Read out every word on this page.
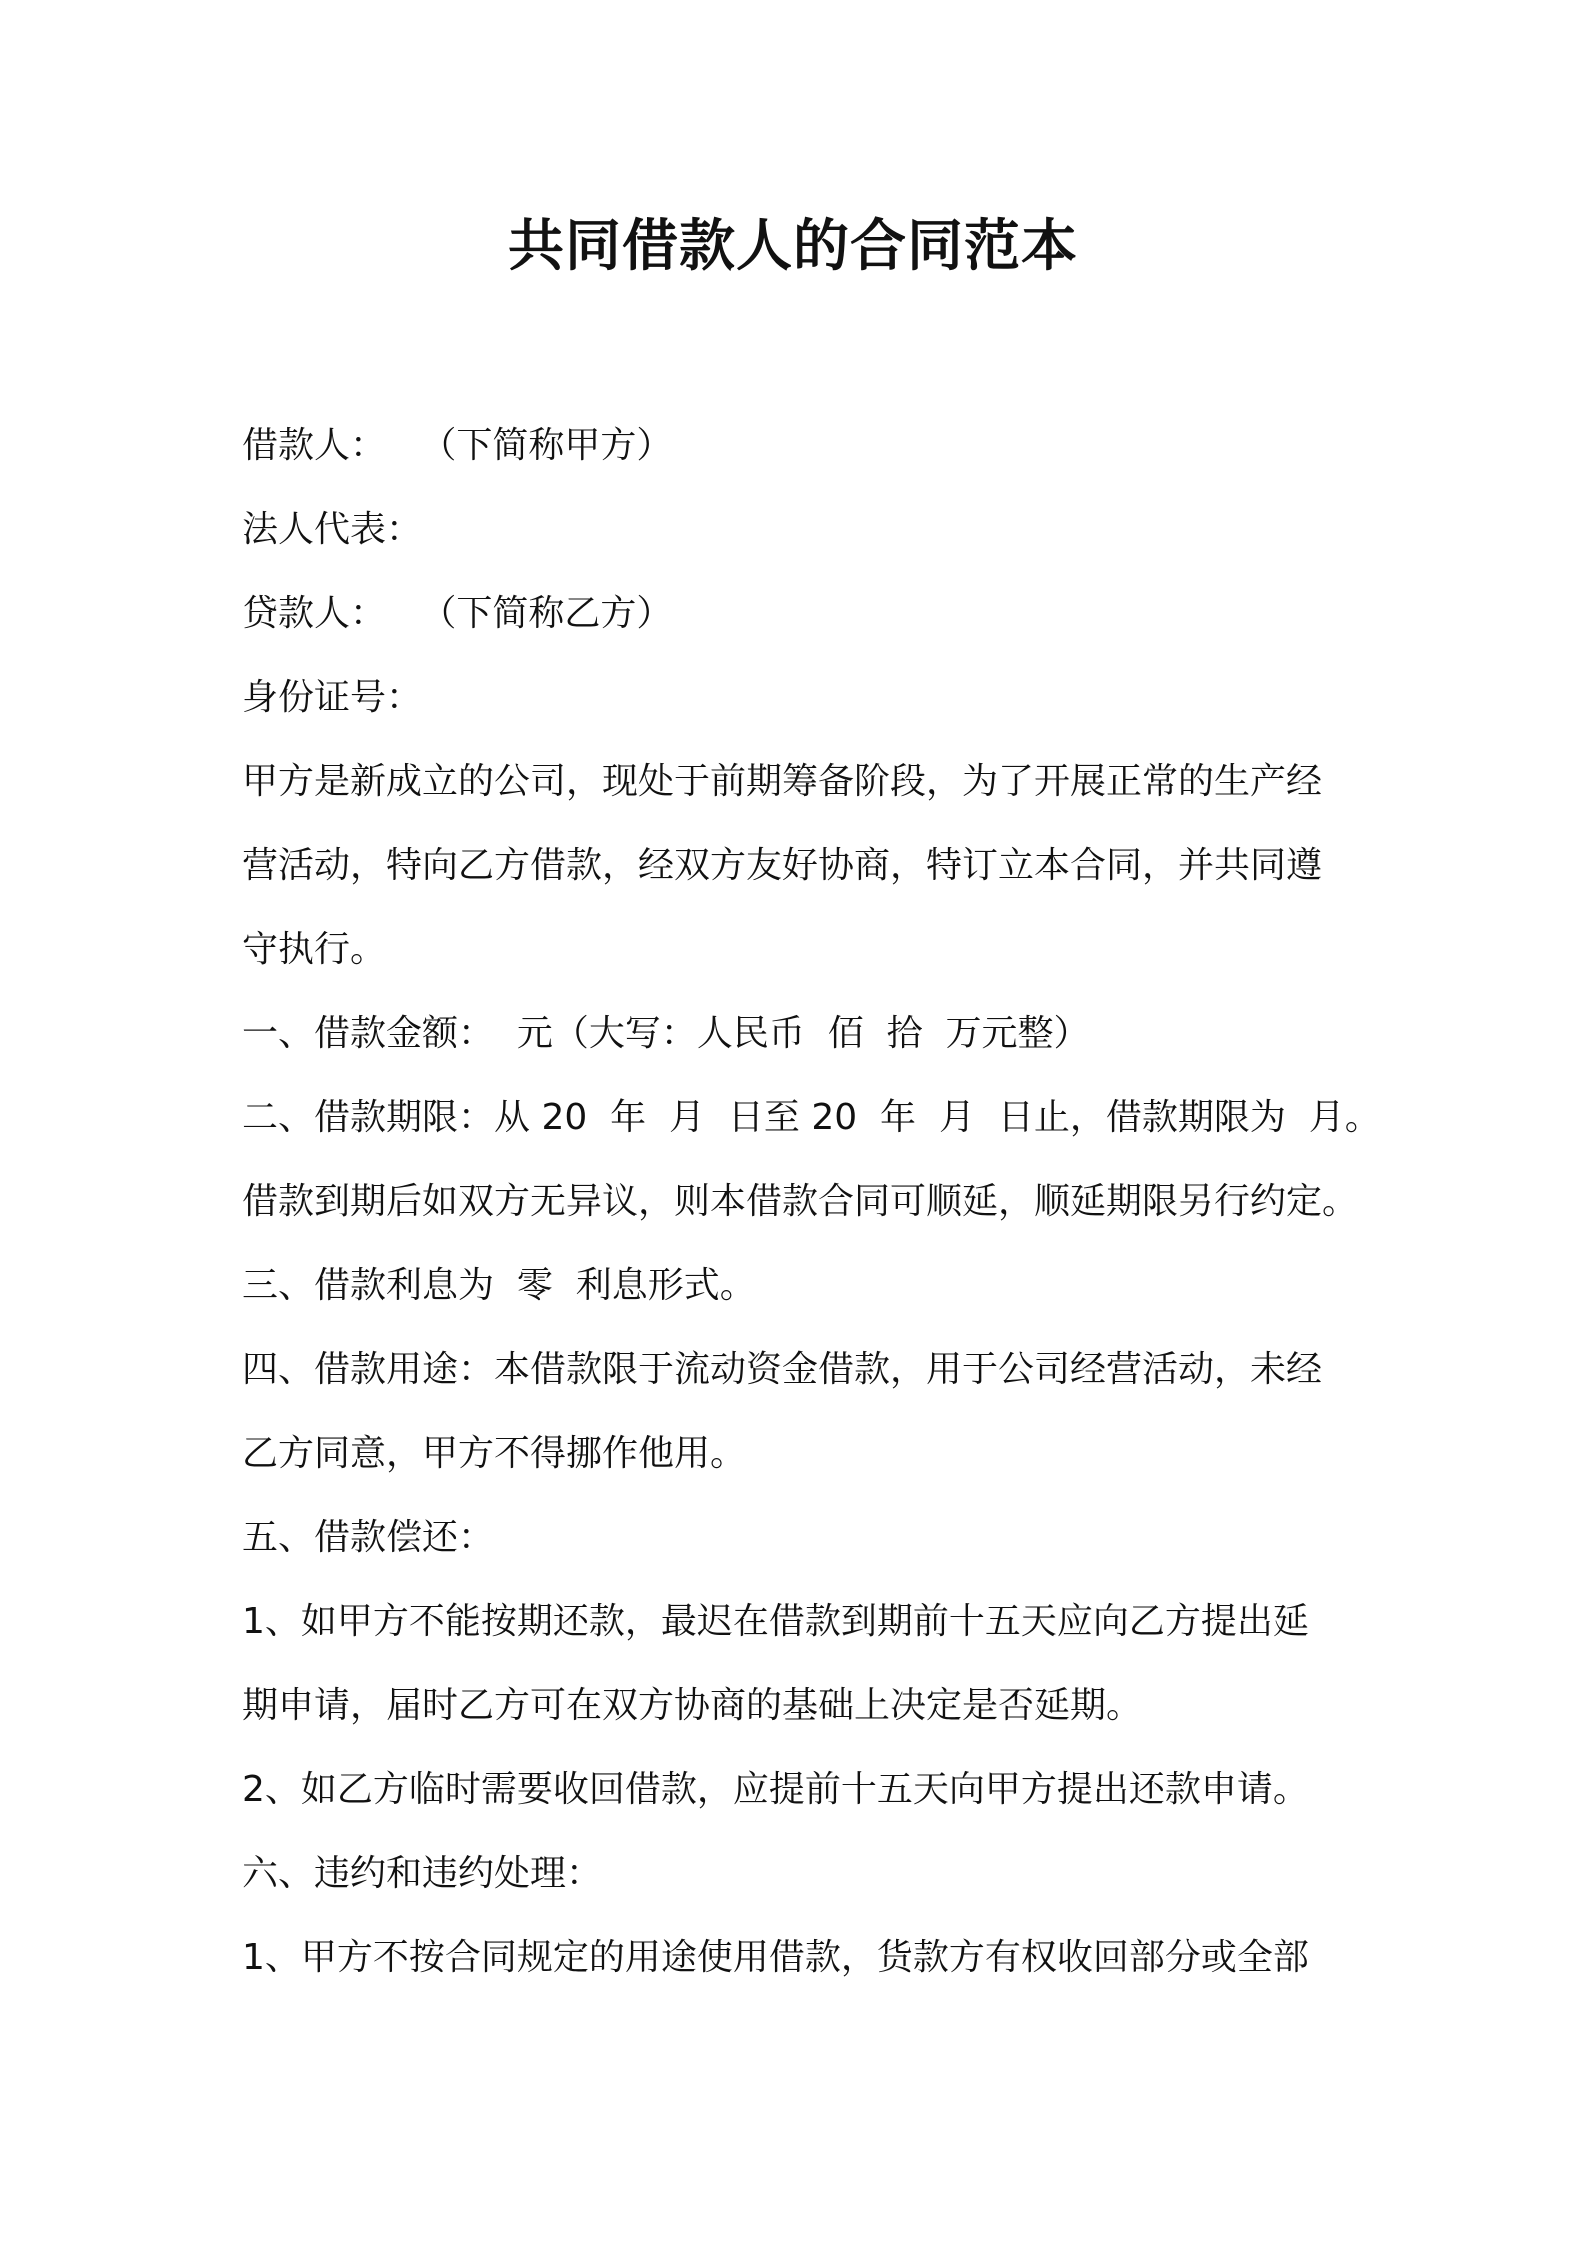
共同借款人的合同范本
借款人：   （下简称甲方）
法人代表：
贷款人：   （下简称乙方）
身份证号：
甲方是新成立的公司，现处于前期筹备阶段，为了开展正常的生产经
营活动，特向乙方借款，经双方友好协商，特订立本合同，并共同遵
守执行。
一、借款金额：  元（大写：人民币  佰  拾  万元整）
二、借款期限：从 20  年  月  日至 20  年  月  日止，借款期限为  月。
借款到期后如双方无异议，则本借款合同可顺延，顺延期限另行约定。
三、借款利息为  零  利息形式。
四、借款用途：本借款限于流动资金借款，用于公司经营活动，未经
乙方同意，甲方不得挪作他用。
五、借款偿还：
1、如甲方不能按期还款，最迟在借款到期前十五天应向乙方提出延
期申请，届时乙方可在双方协商的基础上决定是否延期。
2、如乙方临时需要收回借款，应提前十五天向甲方提出还款申请。
六、违约和违约处理：
1、甲方不按合同规定的用途使用借款，货款方有权收回部分或全部
